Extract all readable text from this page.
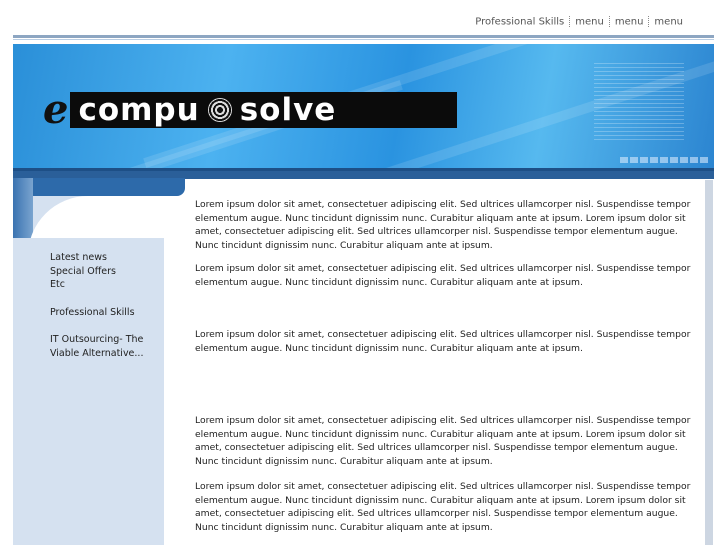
Professional Skills menu menu menu
e compu solve
Latest news
Special Offers
Etc
Professional Skills
IT Outsourcing- The Viable Alternative...

Lorem ipsum dolor sit amet, consectetuer adipiscing elit. Sed ultrices ullamcorper nisl. Suspendisse tempor elementum augue. Nunc tincidunt dignissim nunc. Curabitur aliquam ante at ipsum. Lorem ipsum dolor sit amet, consectetuer adipiscing elit. Sed ultrices ullamcorper nisl. Suspendisse tempor elementum augue. Nunc tincidunt dignissim nunc. Curabitur aliquam ante at ipsum.

Lorem ipsum dolor sit amet, consectetuer adipiscing elit. Sed ultrices ullamcorper nisl. Suspendisse tempor elementum augue. Nunc tincidunt dignissim nunc. Curabitur aliquam ante at ipsum.

Lorem ipsum dolor sit amet, consectetuer adipiscing elit. Sed ultrices ullamcorper nisl. Suspendisse tempor elementum augue. Nunc tincidunt dignissim nunc. Curabitur aliquam ante at ipsum.

Lorem ipsum dolor sit amet, consectetuer adipiscing elit. Sed ultrices ullamcorper nisl. Suspendisse tempor elementum augue. Nunc tincidunt dignissim nunc. Curabitur aliquam ante at ipsum. Lorem ipsum dolor sit amet, consectetuer adipiscing elit. Sed ultrices ullamcorper nisl. Suspendisse tempor elementum augue. Nunc tincidunt dignissim nunc. Curabitur aliquam ante at ipsum.

Lorem ipsum dolor sit amet, consectetuer adipiscing elit. Sed ultrices ullamcorper nisl. Suspendisse tempor elementum augue. Nunc tincidunt dignissim nunc. Curabitur aliquam ante at ipsum. Lorem ipsum dolor sit amet, consectetuer adipiscing elit. Sed ultrices ullamcorper nisl. Suspendisse tempor elementum augue. Nunc tincidunt dignissim nunc. Curabitur aliquam ante at ipsum.
